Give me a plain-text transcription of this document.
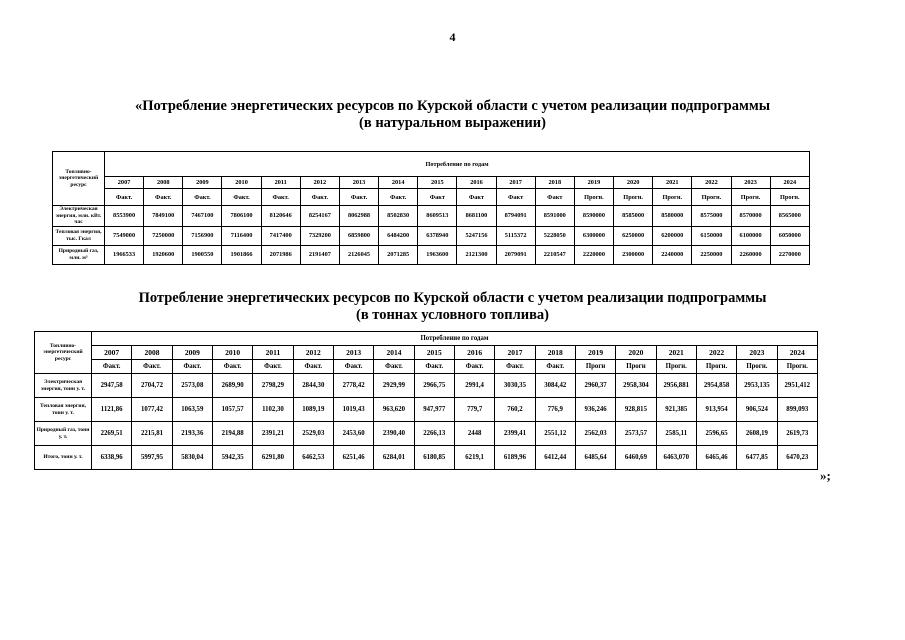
4
«Потребление энергетических ресурсов по Курской области с учетом реализации подпрограммы
(в натуральном выражении)
Топливно-энергетический ресурс	Потребление по годам																	
	2007	2008	2009	2010	2011	2012	2013	2014	2015	2016	2017	2018	2019	2020	2021	2022	2023	2024
	Факт.	Факт.	Факт.	Факт.	Факт.	Факт.	Факт.	Факт.	Факт	Факт	Факт	Факт	Прогн.	Прогн.	Прогн.	Прогн.	Прогн.	Прогн.
Электрическая энергия, млн. кВт. час	8553900	7849100	7467100	7806100	8120646	8254167	8062988	8502830	8609513	8681100	8794091	8591000	8590000	8585000	8580000	8575000	8570000	8565000
Тепловая энергия, тыс. Гкал	7549000	7250000	7156900	7116400	7417400	7329200	6859800	6484200	6378940	5247156	5115372	5228050	6300000	6250000	6200000	6150000	6100000	6050000
Природный газ, млн. м³	1966533	1920600	1900550	1901866	2071986	2191407	2126045	2071285	1963600	2121300	2079091	2210547	2220000	2300000	2240000	2250000	2260000	2270000
Потребление энергетических ресурсов по Курской области с учетом реализации подпрограммы
(в тоннах условного топлива)
Топливно-энергетический ресурс	Потребление по годам																	
	2007	2008	2009	2010	2011	2012	2013	2014	2015	2016	2017	2018	2019	2020	2021	2022	2023	2024
	Факт.	Факт.	Факт.	Факт.	Факт.	Факт.	Факт.	Факт.	Факт.	Факт.	Факт.	Факт.	Прогн	Прогн	Прогн.	Прогн.	Прогн.	Прогн.
Электрическая энергия, тонн у. т.	2947,58	2704,72	2573,08	2689,90	2798,29	2844,30	2778,42	2929,99	2966,75	2991,4	3030,35	3084,42	2960,37	2958,304	2956,881	2954,858	2953,135	2951,412
Тепловая энергия, тонн у. т.	1121,86	1077,42	1063,59	1057,57	1102,30	1089,19	1019,43	963,620	947,977	779,7	760,2	776,9	936,246	928,815	921,385	913,954	906,524	899,093
Природный газ, тонн у. т.	2269,51	2215,81	2193,36	2194,88	2391,21	2529,03	2453,60	2390,40	2266,13	2448	2399,41	2551,12	2562,03	2573,57	2585,11	2596,65	2608,19	2619,73
Итого, тонн у. т.	6338,96	5997,95	5830,04	5942,35	6291,80	6462,53	6251,46	6284,01	6180,85	6219,1	6189,96	6412,44	6485,64	6460,69	6463,070	6465,46	6477,85	6470,23
»;
